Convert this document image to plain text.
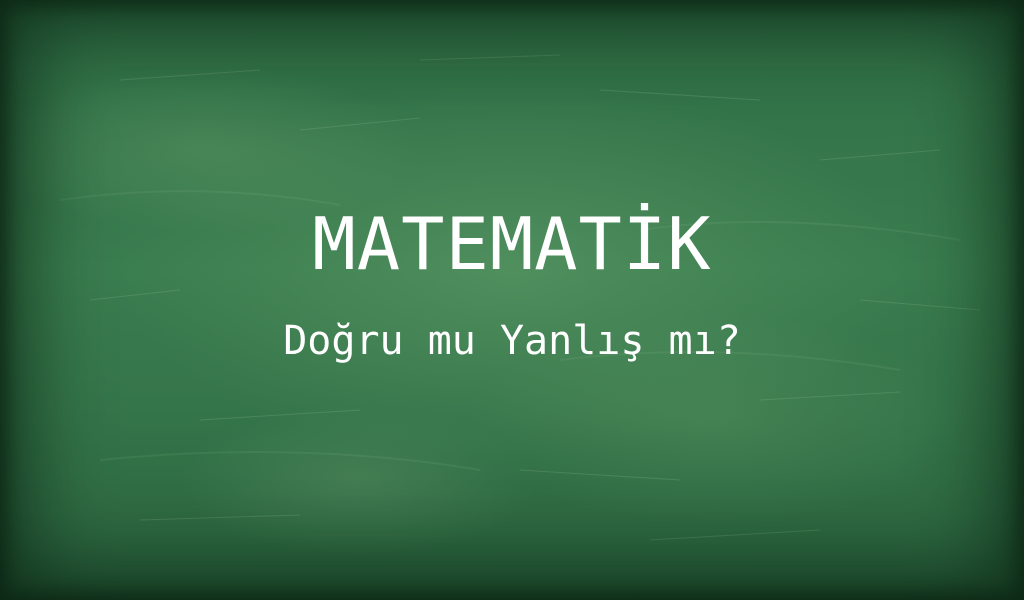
MATEMATİK
Doğru mu Yanlış mı?
